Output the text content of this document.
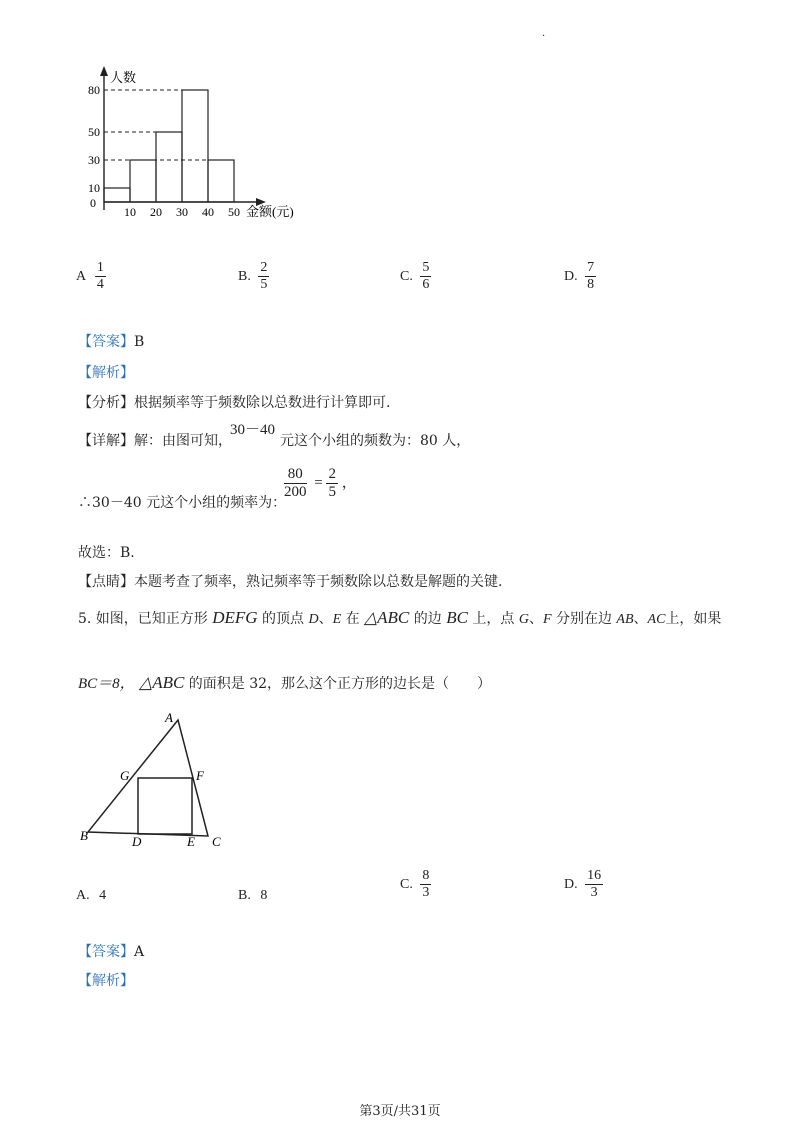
.
人数
金额(元)
0
10
30
50
80
10 20 30 40 50
A $\frac{1}{4}$	B. $\frac{2}{5}$	C. $\frac{5}{6}$	D. $\frac{7}{8}$
【答案】B
【解析】
【分析】根据频率等于频数除以总数进行计算即可.
【详解】解：由图可知，
30－40
元这个小组的频数为：80 人，
∴30－40 元这个小组的频率为：
$\frac{80}{200} = \frac{2}{5}$ ，
故选：B.
【点睛】本题考查了频率，熟记频率等于频数除以总数是解题的关键.
5. 如图，已知正方形 DEFG 的顶点 D、E 在 △ABC 的边 BC 上，点 G、F 分别在边 AB、AC上，如果
BC＝8， △ABC 的面积是 32，那么这个正方形的边长是（　　）
A
B	C
D	E
F
G
A. 4	B. 8
C. $\frac{8}{3}$	D. $\frac{16}{3}$
【答案】A
【解析】
第3页/共31页
